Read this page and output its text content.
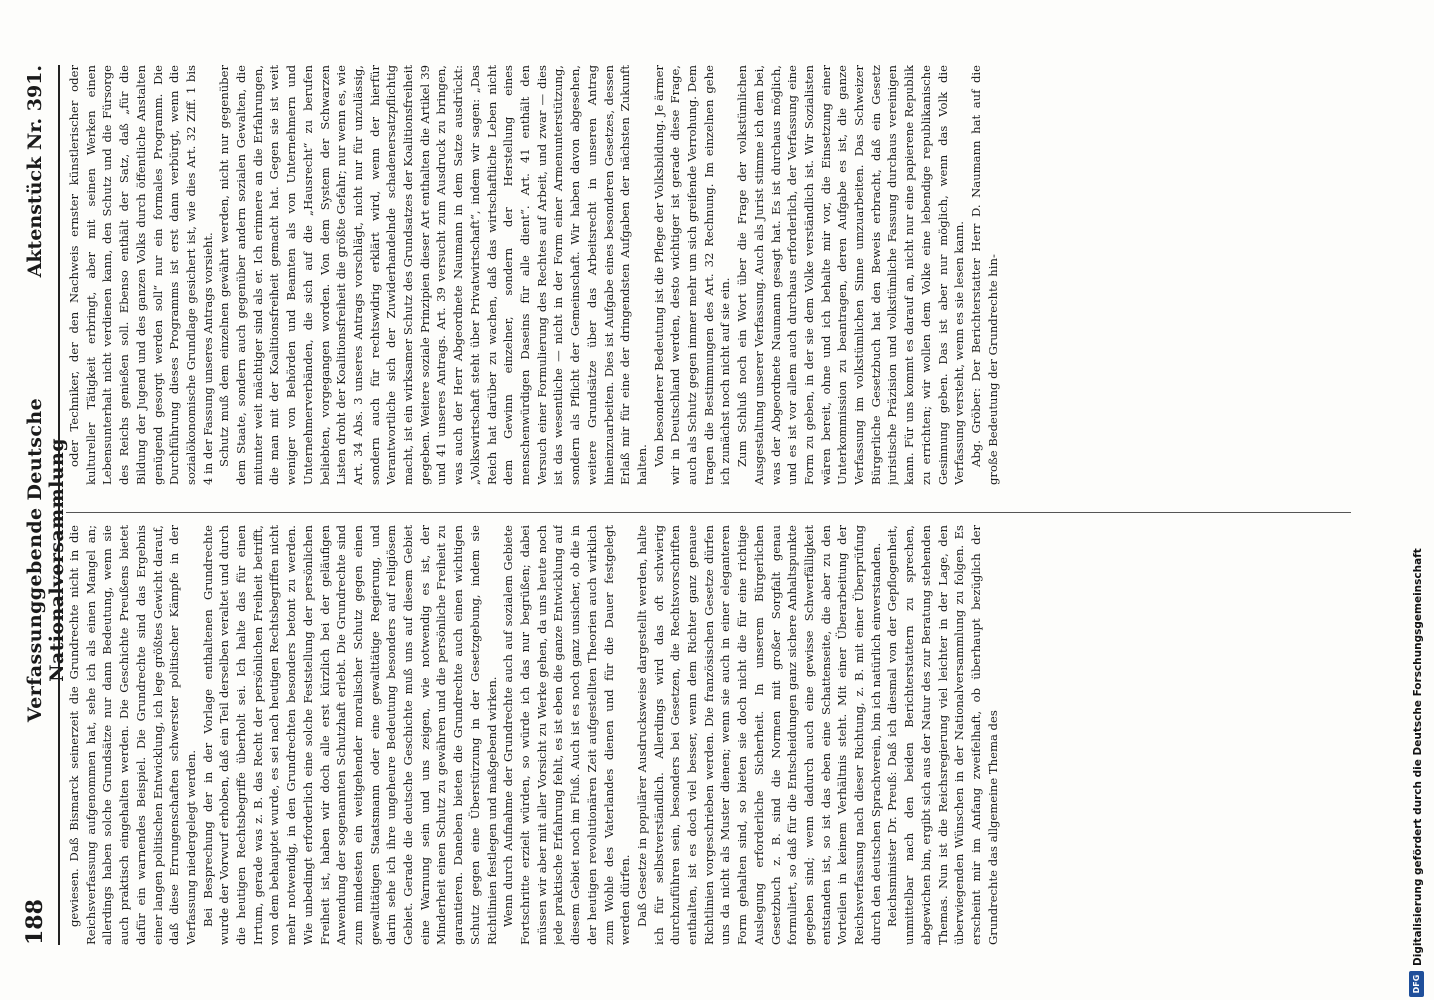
188
Verfassunggebende Deutsche Nationalversammlung
Aktenstück Nr. 391.

gewiesen. Daß Bismarck seinerzeit die Grundrechte nicht in die Reichsverfassung aufgenommen hat, sehe ich als einen Mangel an; allerdings haben solche Grundsätze nur dann Bedeutung, wenn sie auch praktisch eingehalten werden. Die Geschichte Preußens bietet dafür ein warnendes Beispiel. Die Grundrechte sind das Ergebnis einer langen politischen Entwicklung, ich lege größtes Gewicht darauf, daß diese Errungenschaften schwerster politischer Kämpfe in der Verfassung niedergelegt werden. Bei Besprechung der in der Vorlage enthaltenen Grundrechte wurde der Vorwurf erhoben, daß ein Teil derselben veraltet und durch die heutigen Rechtsbegriffe überholt sei. Ich halte das für einen Irrtum, gerade was z. B. das Recht der persönlichen Freiheit betrifft, von dem behauptet wurde, es sei nach heutigen Rechtsbegriffen nicht mehr notwendig, in den Grundrechten besonders betont zu werden. Wie unbedingt erforderlich eine solche Feststellung der persönlichen Freiheit ist, haben wir doch alle erst kürzlich bei der geläufigen Anwendung der sogenannten Schutzhaft erlebt. Die Grundrechte sind zum mindesten ein weitgehender moralischer Schutz gegen einen gewalttätigen Staatsmann oder eine gewalttätige Regierung, und darin sehe ich ihre ungeheure Bedeutung besonders auf religiösem Gebiet. Gerade die deutsche Geschichte muß uns auf diesem Gebiet eine Warnung sein und uns zeigen, wie notwendig es ist, der Minderheit einen Schutz zu gewähren und die persönliche Freiheit zu garantieren. Daneben bieten die Grundrechte auch einen wichtigen Schutz gegen eine Überstürzung in der Gesetzgebung, indem sie Richtlinien festlegen und maßgebend wirken. Wenn durch Aufnahme der Grundrechte auch auf sozialem Gebiete Fortschritte erzielt würden, so würde ich das nur begrüßen; dabei müssen wir aber mit aller Vorsicht zu Werke gehen, da uns heute noch jede praktische Erfahrung fehlt, es ist eben die ganze Entwicklung auf diesem Gebiet noch im Fluß. Auch ist es noch ganz unsicher, ob die in der heutigen revolutionären Zeit aufgestellten Theorien auch wirklich zum Wohle des Vaterlandes dienen und für die Dauer festgelegt werden dürfen. Daß Gesetze in populärer Ausdrucksweise dargestellt werden, halte ich für selbstverständlich. Allerdings wird das oft schwierig durchzuführen sein, besonders bei Gesetzen, die Rechtsvorschriften enthalten, ist es doch viel besser, wenn dem Richter ganz genaue Richtlinien vorgeschrieben werden. Die französischen Gesetze dürfen uns da nicht als Muster dienen; wenn sie auch in einer eleganteren Form gehalten sind, so bieten sie doch nicht die für eine richtige Auslegung erforderliche Sicherheit. In unserem Bürgerlichen Gesetzbuch z. B. sind die Normen mit großer Sorgfalt genau formuliert, so daß für die Entscheidungen ganz sichere Anhaltspunkte gegeben sind; wenn dadurch auch eine gewisse Schwerfälligkeit entstanden ist, so ist das eben eine Schattenseite, die aber zu den Vorteilen in keinem Verhältnis steht. Mit einer Überarbeitung der Reichsverfassung nach dieser Richtung, z. B. mit einer Überprüfung durch den deutschen Sprachverein, bin ich natürlich einverstanden. Reichsminister Dr. Preuß: Daß ich diesmal von der Gepflogenheit, unmittelbar nach den beiden Berichterstattern zu sprechen, abgewichen bin, ergibt sich aus der Natur des zur Beratung stehenden Themas. Nun ist die Reichsregierung viel leichter in der Lage, den überwiegenden Wünschen in der Nationalversammlung zu folgen. Es erscheint mir im Anfang zweifelhaft, ob überhaupt bezüglich der Grundrechte das allgemeine Thema des

oder Techniker, der den Nachweis ernster künstlerischer oder kultureller Tätigkeit erbringt, aber mit seinen Werken einen Lebensunterhalt nicht verdienen kann, den Schutz und die Fürsorge des Reichs genießen soll. Ebenso enthält der Satz, daß „für die Bildung der Jugend und des ganzen Volks durch öffentliche Anstalten genügend gesorgt werden soll“ nur ein formales Programm. Die Durchführung dieses Programms ist erst dann verbürgt, wenn die sozialökonomische Grundlage gesichert ist, wie dies Art. 32 Ziff. 1 bis 4 in der Fassung unseres Antrags vorsieht. Schutz muß dem einzelnen gewährt werden, nicht nur gegenüber dem Staate, sondern auch gegenüber andern sozialen Gewalten, die mitunter weit mächtiger sind als er. Ich erinnere an die Erfahrungen, die man mit der Koalitionsfreiheit gemacht hat. Gegen sie ist weit weniger von Behörden und Beamten als von Unternehmern und Unternehmerverbänden, die sich auf die „Hausrecht“ zu berufen beliebten, vorgegangen worden. Von dem System der Schwarzen Listen droht der Koalitionsfreiheit die größte Gefahr; nur wenn es, wie Art. 34 Abs. 3 unseres Antrags vorschlägt, nicht nur für unzulässig, sondern auch für rechtswidrig erklärt wird, wenn der hierfür Verantwortliche sich der Zuwiderhandelnde schadenersatzpflichtig macht, ist ein wirksamer Schutz des Grundsatzes der Koalitionsfreiheit gegeben. Weitere soziale Prinzipien dieser Art enthalten die Artikel 39 und 41 unseres Antrags. Art. 39 versucht zum Ausdruck zu bringen, was auch der Herr Abgeordnete Naumann in dem Satze ausdrückt: „Volkswirtschaft steht über Privatwirtschaft“, indem wir sagen: „Das Reich hat darüber zu wachen, daß das wirtschaftliche Leben nicht dem Gewinn einzelner, sondern der Herstellung eines menschenwürdigen Daseins für alle dient“. Art. 41 enthält den Versuch einer Formulierung des Rechtes auf Arbeit, und zwar — dies ist das wesentliche — nicht in der Form einer Armenunterstützung, sondern als Pflicht der Gemeinschaft. Wir haben davon abgesehen, weitere Grundsätze über das Arbeitsrecht in unseren Antrag hineinzuarbeiten. Dies ist Aufgabe eines besonderen Gesetzes, dessen Erlaß mir für eine der dringendsten Aufgaben der nächsten Zukunft halten. Von besonderer Bedeutung ist die Pflege der Volksbildung. Je ärmer wir in Deutschland werden, desto wichtiger ist gerade diese Frage, auch als Schutz gegen immer mehr um sich greifende Verrohung. Dem tragen die Bestimmungen des Art. 32 Rechnung. Im einzelnen gehe ich zunächst noch nicht auf sie ein. Zum Schluß noch ein Wort über die Frage der volkstümlichen Ausgestaltung unserer Verfassung. Auch als Jurist stimme ich dem bei, was der Abgeordnete Naumann gesagt hat. Es ist durchaus möglich, und es ist vor allem auch durchaus erforderlich, der Verfassung eine Form zu geben, in der sie dem Volke verständlich ist. Wir Sozialisten wären bereit, ohne und ich behalte mir vor, die Einsetzung einer Unterkommission zu beantragen, deren Aufgabe es ist, die ganze Verfassung im volkstümlichen Sinne umzuarbeiten. Das Schweizer Bürgerliche Gesetzbuch hat den Beweis erbracht, daß ein Gesetz juristische Präzision und volkstümliche Fassung durchaus vereinigen kann. Für uns kommt es darauf an, nicht nur eine papierene Republik zu errichten; wir wollen dem Volke eine lebendige republikanische Gesinnung geben. Das ist aber nur möglich, wenn das Volk die Verfassung versteht, wenn es sie lesen kann. Abg. Gröber: Der Berichterstatter Herr D. Naumann hat auf die große Bedeutung der Grundrechte hin-

DFG
Digitalisierung gefördert durch die Deutsche Forschungsgemeinschaft
